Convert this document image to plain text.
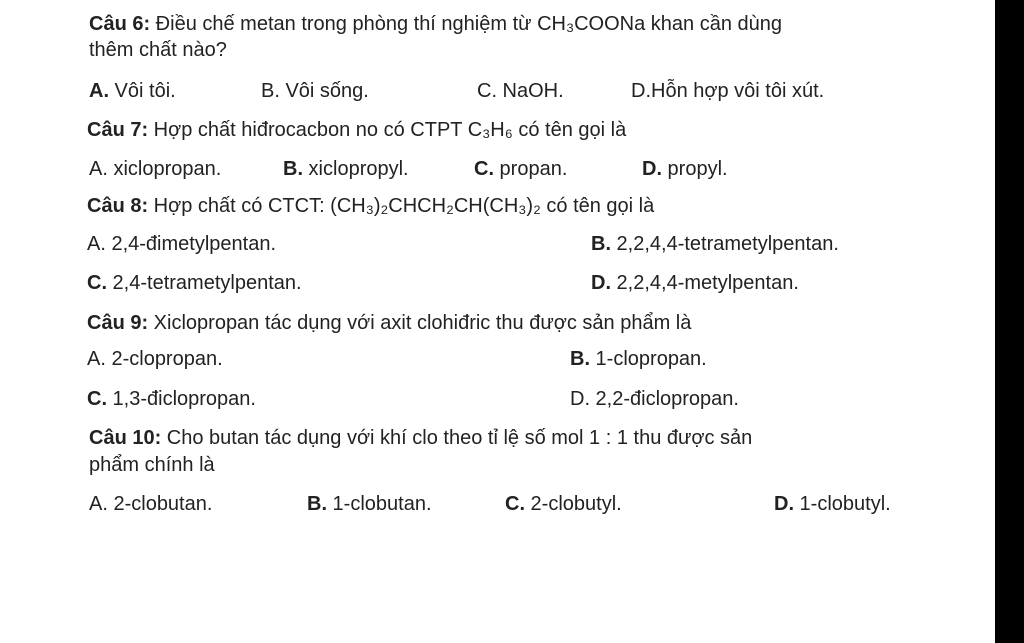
Câu 6: Điều chế metan trong phòng thí nghiệm từ CH₃COONa khan cần dùng
thêm chất nào?
A. Vôi tôi.	B. Vôi sống.	C. NaOH.	D.Hỗn hợp vôi tôi xút.
Câu 7: Hợp chất hiđrocacbon no có CTPT C₃H₆ có tên gọi là
A. xiclopropan.	B. xiclopropyl.	C. propan.	D. propyl.
Câu 8: Hợp chất có CTCT: (CH₃)₂CHCH₂CH(CH₃)₂ có tên gọi là
A. 2,4-đimetylpentan.	B. 2,2,4,4-tetrametylpentan.
C. 2,4-tetrametylpentan.	D. 2,2,4,4-metylpentan.
Câu 9: Xiclopropan tác dụng với axit clohiđric thu được sản phẩm là
A. 2-clopropan.	B. 1-clopropan.
C. 1,3-điclopropan.	D. 2,2-điclopropan.
Câu 10: Cho butan tác dụng với khí clo theo tỉ lệ số mol 1 : 1 thu được sản
phẩm chính là
A. 2-clobutan.	B. 1-clobutan.	C. 2-clobutyl.	D. 1-clobutyl.
